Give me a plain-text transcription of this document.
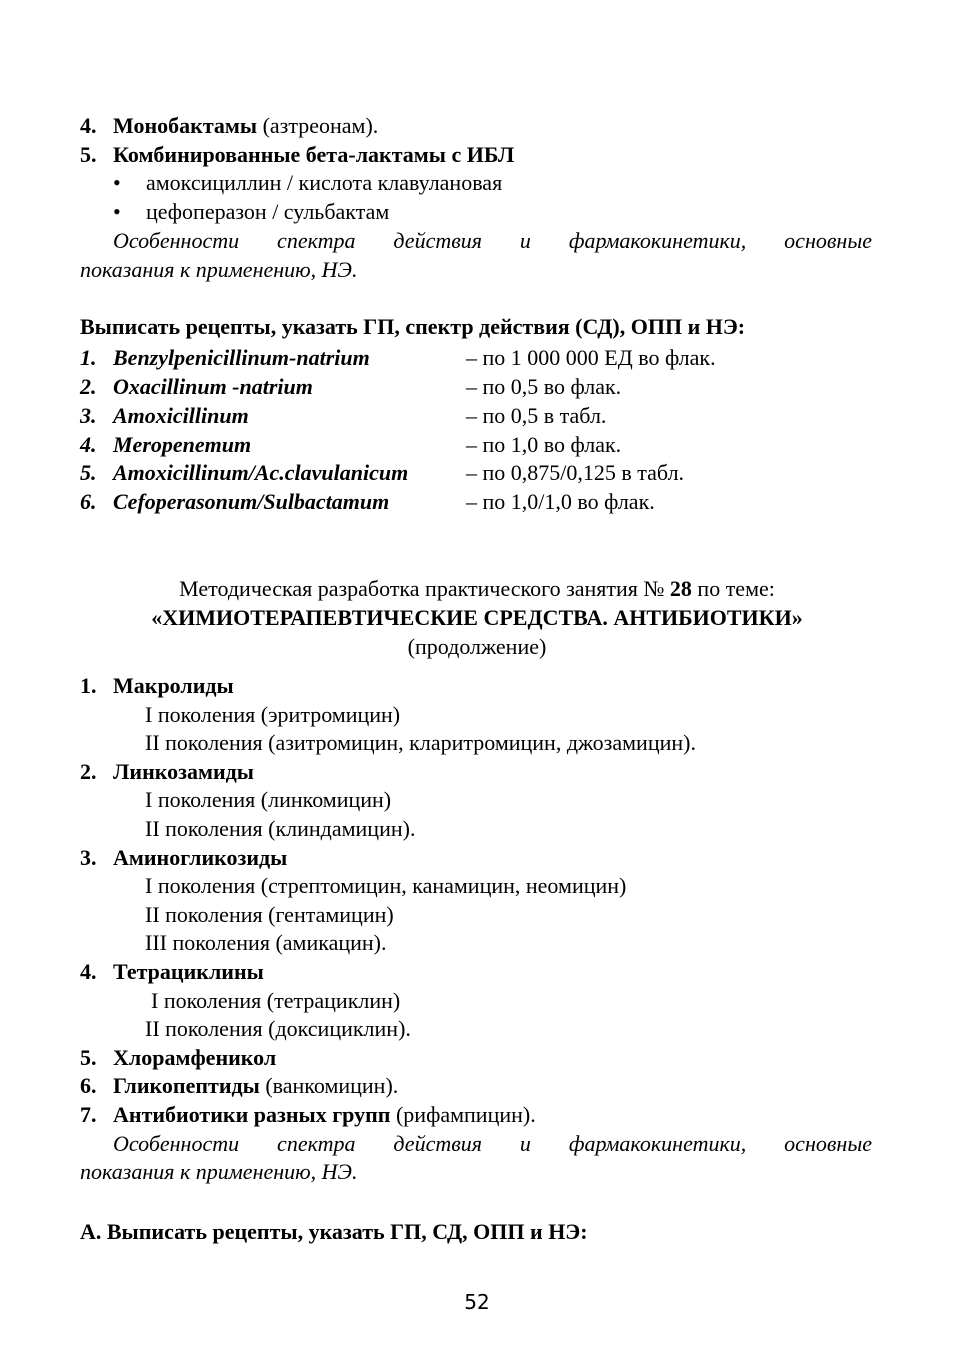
4. Монобактамы (азтреонам).
5. Комбинированные бета-лактамы с ИБЛ
• амоксициллин / кислота клавулановая
• цефоперазон / сульбактам
Особенности спектра действия и фармакокинетики, основные
показания к применению, НЭ.
Выписать рецепты, указать ГП, спектр действия (СД), ОПП и НЭ:
1. Benzylpenicillinum-natrium	– по 1 000 000 ЕД во флак.
2. Oxacillinum -natrium	– по 0,5 во флак.
3. Amoxicillinum	– по 0,5 в табл.
4. Meropenemum	– по 1,0 во флак.
5. Amoxicillinum/Ac.clavulanicum	– по 0,875/0,125 в табл.
6. Cefoperasonum/Sulbactamum	– по 1,0/1,0 во флак.
Методическая разработка практического занятия № 28 по теме:
«ХИМИОТЕРАПЕВТИЧЕСКИЕ СРЕДСТВА. АНТИБИОТИКИ»
(продолжение)
1. Макролиды
I поколения (эритромицин)
II поколения (азитромицин, кларитромицин, джозамицин).
2. Линкозамиды
I поколения (линкомицин)
II поколения (клиндамицин).
3. Аминогликозиды
I поколения (стрептомицин, канамицин, неомицин)
II поколения (гентамицин)
III поколения (амикацин).
4. Тетрациклины
I поколения (тетрациклин)
II поколения (доксициклин).
5. Хлорамфеникол
6. Гликопептиды (ванкомицин).
7. Антибиотики разных групп (рифампицин).
Особенности спектра действия и фармакокинетики, основные
показания к применению, НЭ.
А. Выписать рецепты, указать ГП, СД, ОПП и НЭ:
52
